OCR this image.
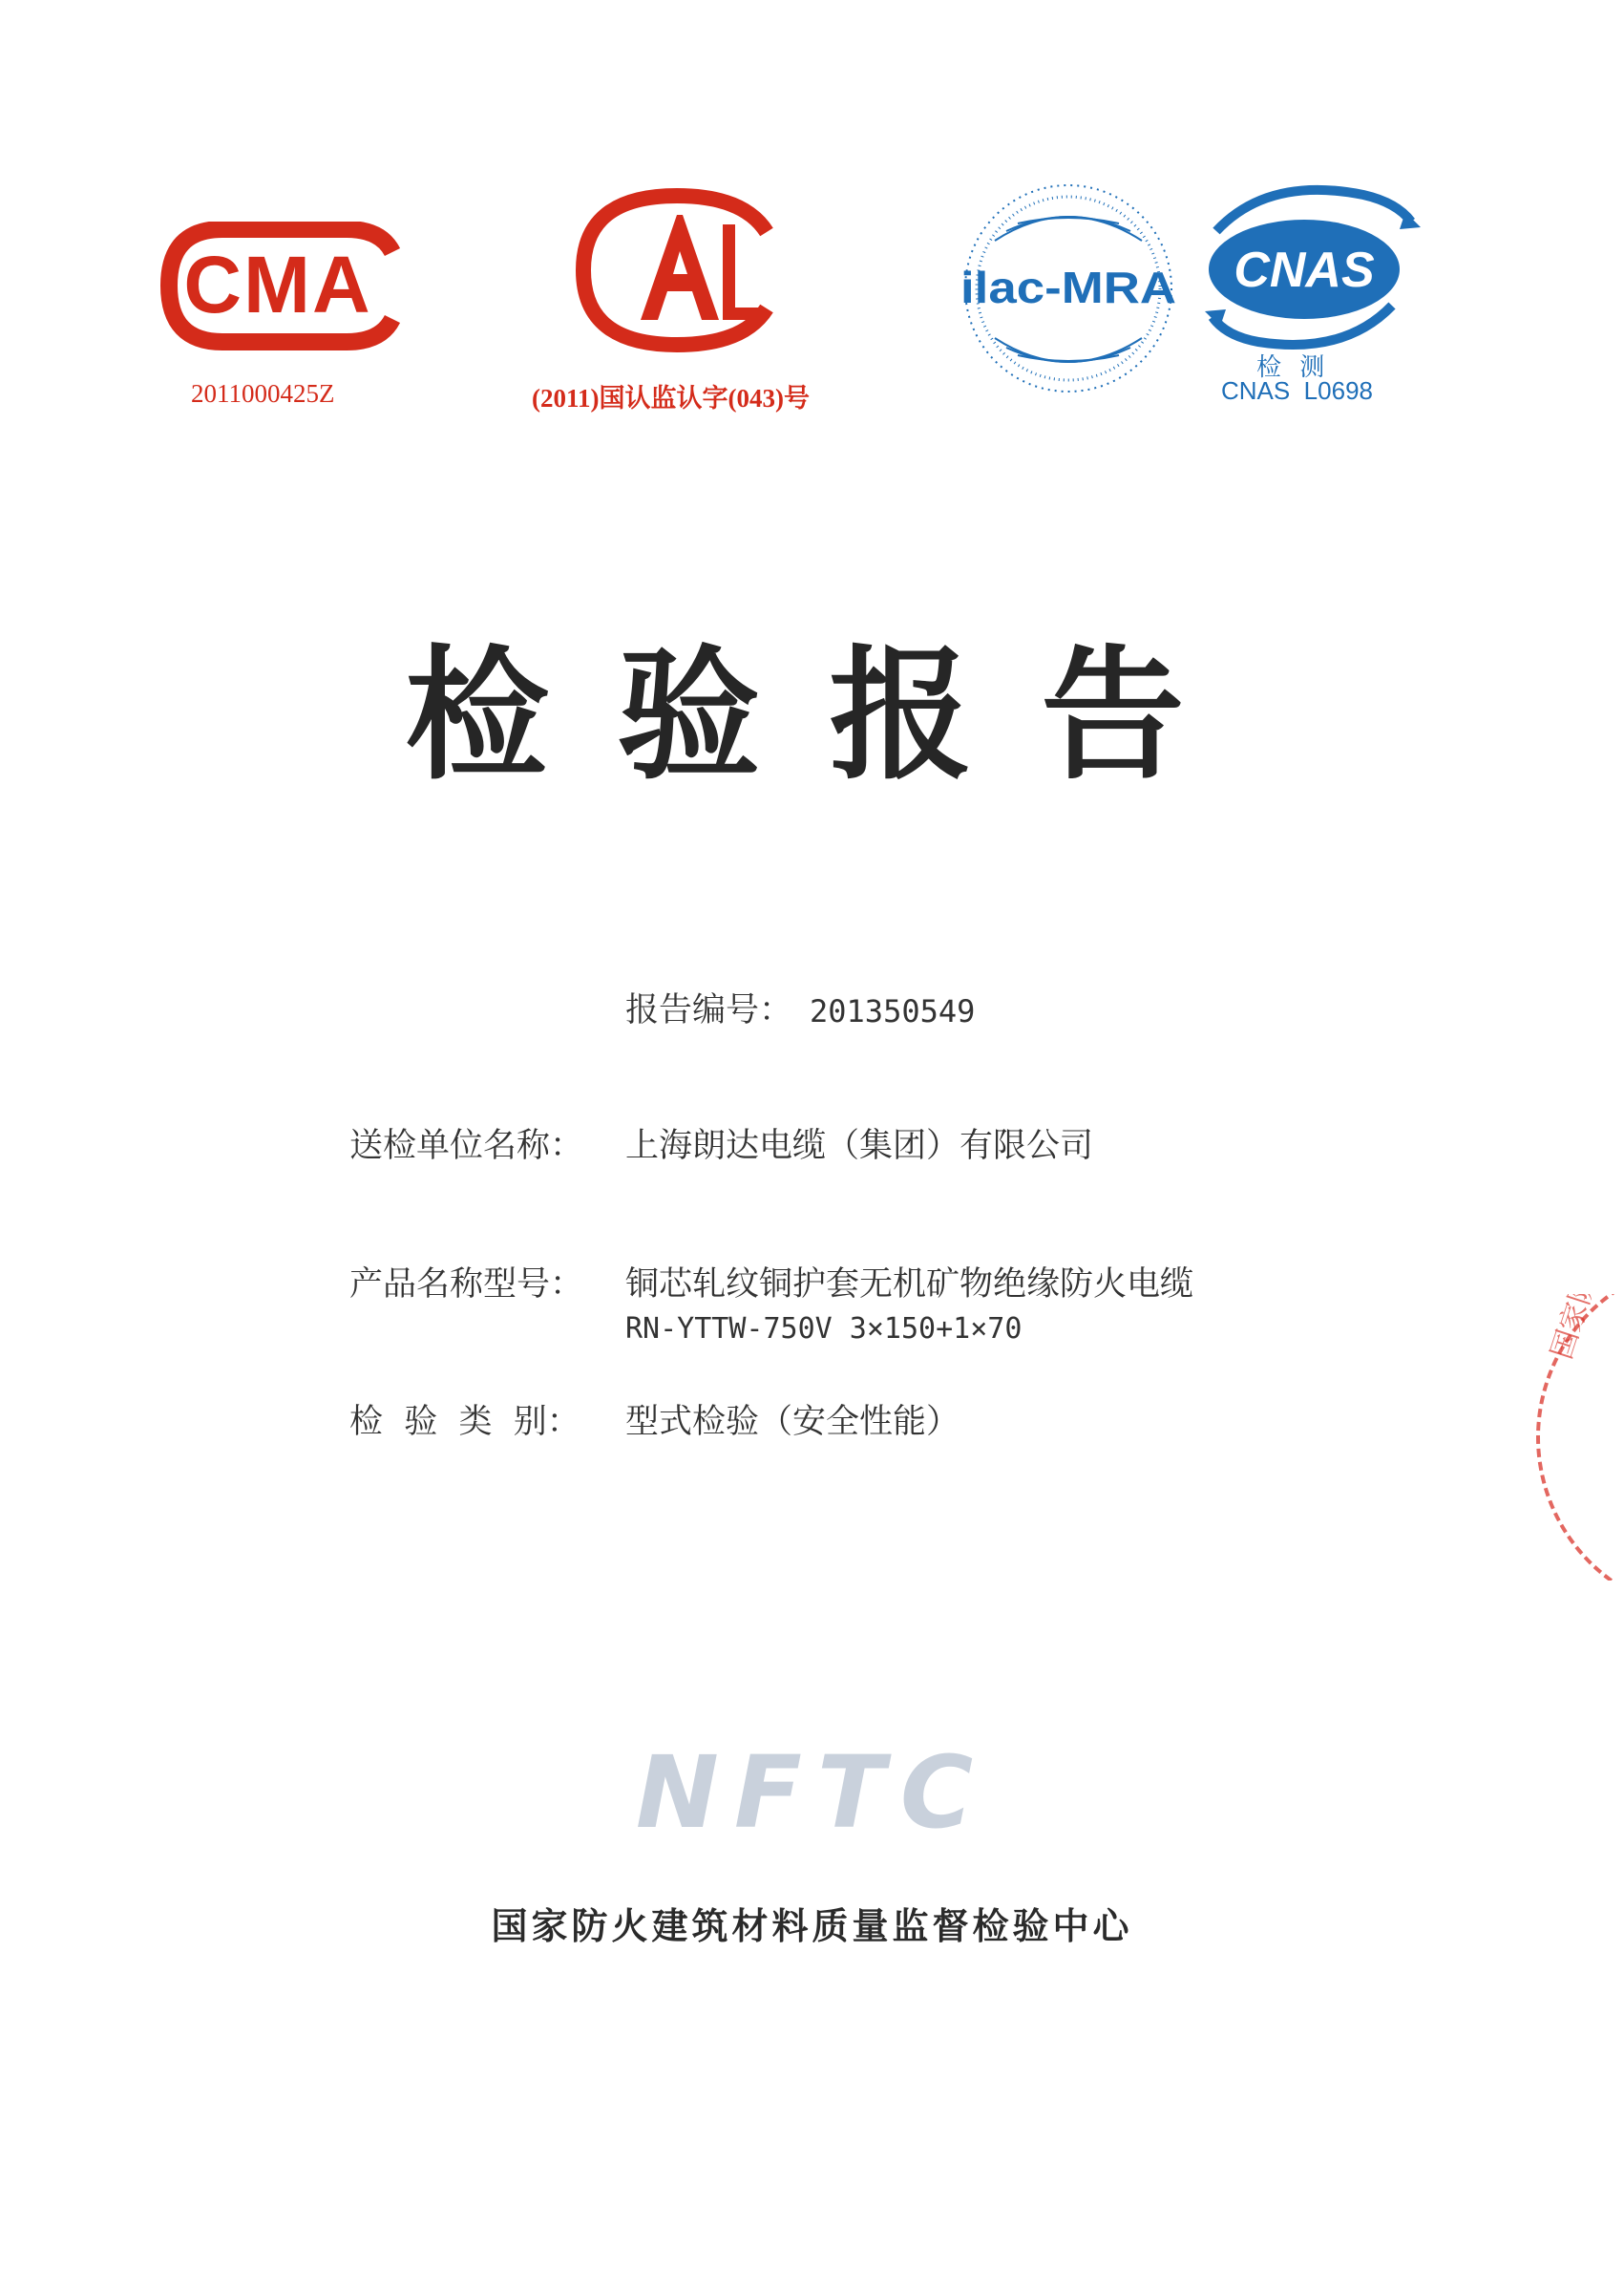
CMA
2011000425Z	(2011)国认监认字(043)号
ilac-MRA CNAS
检 测
CNAS  L0698
检验报告
报告编号： 201350549
送检单位名称： 上海朗达电缆（集团）有限公司
产品名称型号： 铜芯轧纹铜护套无机矿物绝缘防火电缆
RN-YTTW-750V 3×150+1×70
检  验  类  别： 型式检验（安全性能）
NFTC
国家防火建筑材料质量监督检验中心
国家防火
